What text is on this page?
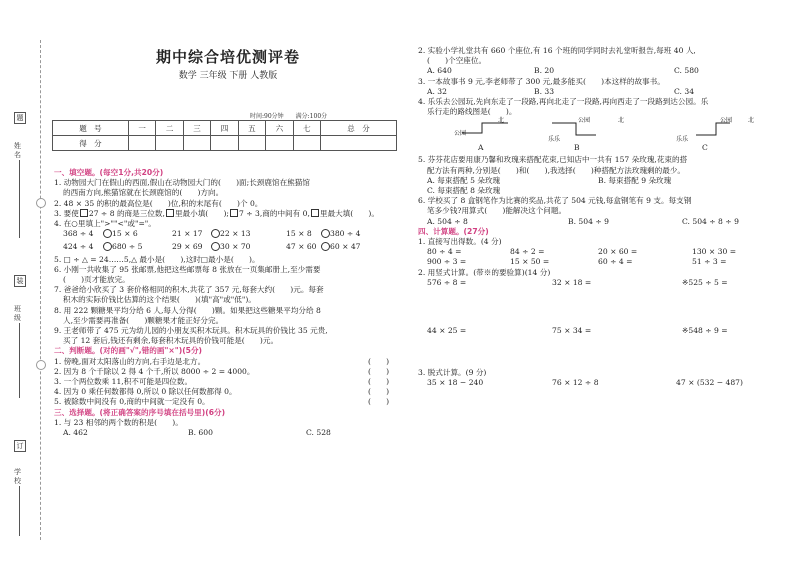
姓名
班级
学校
题
装
订
期中综合培优测评卷
数学 三年级 下册 人教版
时间:90分钟　　满分:100分
题　号	一	二	三	四	五	六	七	总　分
得　分								

一、填空题。(每空1分,共20分)

1. 动物园大门在假山的西面,假山在动物园大门的(　　)面;长颈鹿馆在熊猫馆

的西南方向,熊猫馆就在长颈鹿馆的(　　)方向。

2. 48 × 35 的积的最高位是(　　)位,积的末尾有(　　)个 0。

3. 要使 27 ÷ 8 的商是三位数, 里最小填(　　); 7 ÷ 3,商的中间有 0, 里最大填(　　)。

4. 在○里填上">""<"或"="。

368 ÷ 4 15 × 6	21 × 17 22 × 13	15 × 8 380 ÷ 4
424 ÷ 4 680 ÷ 5	29 × 69 30 × 70	47 × 60 60 × 47

5. □ ÷ △ = 24……5,△ 最小是(　　),这时□最小是(　　)。

6. 小刚一共收集了 95 张邮票,他把这些邮票每 8 张放在一页集邮册上,至少需要

(　　)页才能放完。

7. 爸爸给小欣买了 3 套价格相同的积木,共花了 357 元,每套大约(　　)元。每套

积木的实际价钱比估算的这个结果(　　)(填"高"或"低")。

8. 用 222 颗糖果平均分给 6 人,每人分得(　　)颗。如果把这些糖果平均分给 8

人,至少需要再准备(　　)颗糖果才能正好分完。

9. 王老师带了 475 元为幼儿园的小朋友买积木玩具。积木玩具的价钱比 35 元贵,

买了 12 套后,钱还有剩余,每套积木玩具的价钱可能是(　　)元。

二、判断题。(对的画"√",错的画"×")(5分)

1. 傍晚,面对太阳落山的方向,右手边是北方。	(　　)
2. 因为 8 个千除以 2 得 4 个千,所以 8000 ÷ 2 = 4000。	(　　)
3. 一个两位数乘 11,积不可能是四位数。	(　　)
4. 因为 0 乘任何数都得 0,所以 0 除以任何数都得 0。	(　　)
5. 被除数中间没有 0,商的中间就一定没有 0。	(　　)

三、选择题。(将正确答案的序号填在括号里)(6分)

1. 与 23 相邻的两个数的积是(　　)。

A. 462	B. 600	C. 528

2. 实验小学礼堂共有 660 个座位,有 16 个班的同学同时去礼堂听报告,每班 40 人,

(　　)个空座位。

A. 640	B. 20	C. 580

3. 一本故事书 9 元,李老师带了 300 元,最多能买(　　)本这样的故事书。

A. 32	B. 33	C. 34

4. 乐乐去公园玩,先向东走了一段路,再向北走了一段路,再向西走了一段路到达公园。乐

乐行走的路线图是(　　)。

公园
北	公园
乐乐
北
乐乐
公园	北
A	B	C

5. 芬芬花店要用康乃馨和玫瑰来搭配花束,已知店中一共有 157 朵玫瑰,花束的搭

配方法有两种,分别是(　　)和(　　),我选择(　　)种搭配方法玫瑰剩的最少。

A. 每束搭配 5 朵玫瑰	B. 每束搭配 9 朵玫瑰

C. 每束搭配 8 朵玫瑰

6. 学校买了 8 盒钢笔作为比赛的奖品,共花了 504 元钱,每盒钢笔有 9 支。每支钢

笔多少钱?用算式(　　)能解决这个问题。

A. 504 ÷ 8	B. 504 ÷ 9	C. 504 ÷ 8 ÷ 9

四、计算题。(27分)

1. 直接写出得数。(4 分)

80 ÷ 4 =	84 ÷ 2 =	20 × 60 =	130 × 30 =
900 ÷ 3 =	15 × 50 =	60 ÷ 4 =	51 ÷ 3 =

2. 用竖式计算。(带※的要验算)(14 分)

576 ÷ 8 =	32 × 18 =	※525 ÷ 5 =
44 × 25 =	75 × 34 =	※548 ÷ 9 =

3. 脱式计算。(9 分)

35 × 18 − 240	76 × 12 ÷ 8	47 × (532 − 487)
